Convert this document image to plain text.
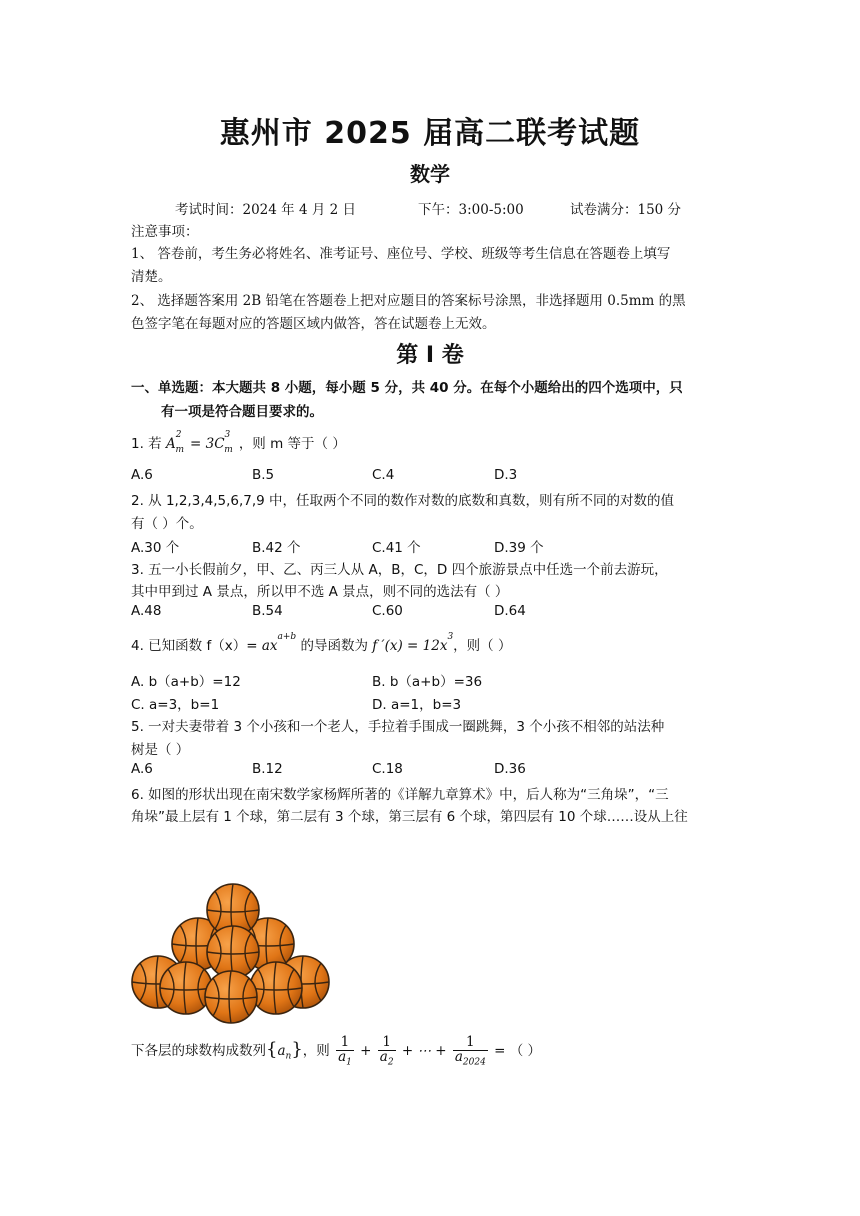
惠州市 2025 届高二联考试题
数学
考试时间：2024 年 4 月 2 日	下午：3:00-5:00	试卷满分：150 分
注意事项：
1、 答卷前，考生务必将姓名、准考证号、座位号、学校、班级等考生信息在答题卷上填写
清楚。
2、 选择题答案用 2B 铅笔在答题卷上把对应题目的答案标号涂黑，非选择题用 0.5mm 的黑
色签字笔在每题对应的答题区域内做答，答在试题卷上无效。
第 I 卷
一、单选题：本大题共 8 小题，每小题 5 分，共 40 分。在每个小题给出的四个选项中，只
有一项是符合题目要求的。
1. 若 $A^2_m = 3C^3_m$ ，则 m 等于（ ）
A.6	B.5	C.4	D.3
2. 从 1,2,3,4,5,6,7,9 中，任取两个不同的数作对数的底数和真数，则有所不同的对数的值
有（ ）个。
A.30 个	B.42 个	C.41 个	D.39 个
3. 五一小长假前夕，甲、乙、丙三人从 A，B，C，D 四个旅游景点中任选一个前去游玩，
其中甲到过 A 景点，所以甲不选 A 景点，则不同的选法有（ ）
A.48	B.54	C.60	D.64
4. 已知函数 $f(x)= ax^{a+b}$ 的导函数为 f $'(x) = 12x^3$，则（ ）
A. b（a+b）=12	B. b（a+b）=36
C. a=3，b=1	D. a=1，b=3
5. 一对夫妻带着 3 个小孩和一个老人，手拉着手围成一圈跳舞，3 个小孩不相邻的站法种
树是（ ）
A.6	B.12	C.18	D.36
6. 如图的形状出现在南宋数学家杨辉所著的《详解九章算术》中，后人称为“三角垛”，“三
角垛”最上层有 1 个球，第二层有 3 个球，第三层有 6 个球，第四层有 10 个球……设从上往
下各层的球数构成数列$\{a_n\}$，则 $\frac{1}{a_1} + \frac{1}{a_2}$ + ⋯ + $\frac{1}{a_{2024}}$ = （ ）
